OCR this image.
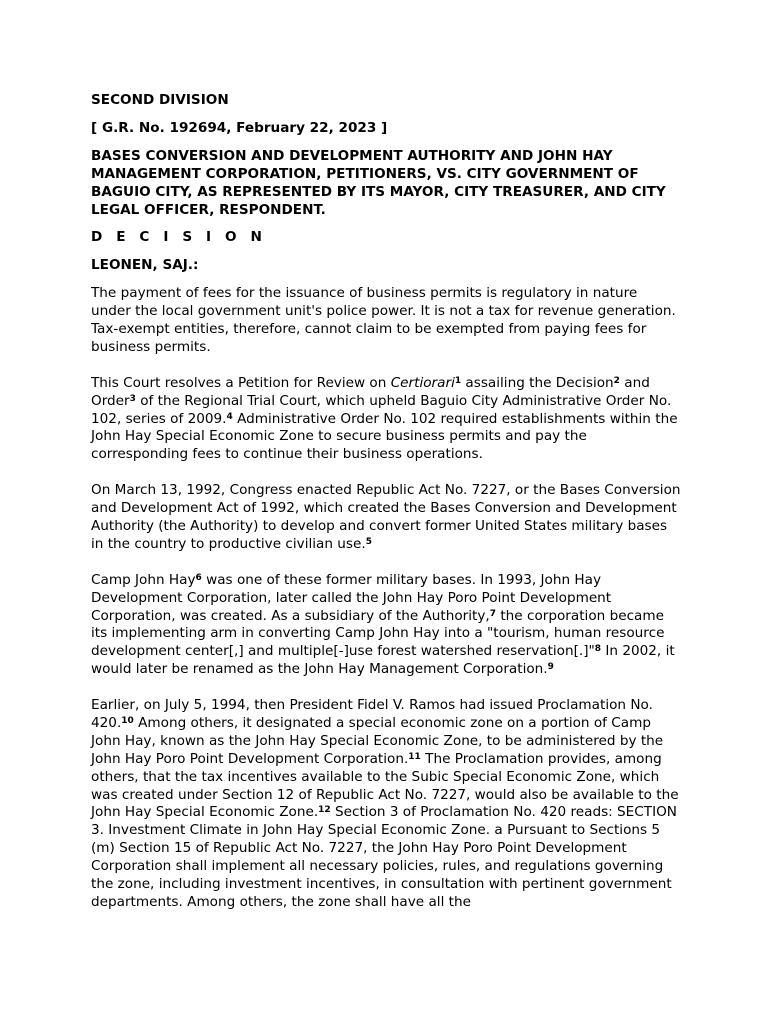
SECOND DIVISION
[ G.R. No. 192694, February 22, 2023 ]
BASES CONVERSION AND DEVELOPMENT AUTHORITY AND JOHN HAY MANAGEMENT CORPORATION, PETITIONERS, VS. CITY GOVERNMENT OF BAGUIO CITY, AS REPRESENTED BY ITS MAYOR, CITY TREASURER, AND CITY LEGAL OFFICER, RESPONDENT.
D E C I S I O N
LEONEN, SAJ.:

The payment of fees for the issuance of business permits is regulatory in nature under the local government unit's police power. It is not a tax for revenue generation. Tax-exempt entities, therefore, cannot claim to be exempted from paying fees for business permits.

This Court resolves a Petition for Review on Certiorari$^1$ assailing the Decision$^2$ and Order$^3$ of the Regional Trial Court, which upheld Baguio City Administrative Order No. 102, series of 2009.$^4$ Administrative Order No. 102 required establishments within the John Hay Special Economic Zone to secure business permits and pay the corresponding fees to continue their business operations.

On March 13, 1992, Congress enacted Republic Act No. 7227, or the Bases Conversion and Development Act of 1992, which created the Bases Conversion and Development Authority (the Authority) to develop and convert former United States military bases in the country to productive civilian use.$^5$

Camp John Hay$^6$ was one of these former military bases. In 1993, John Hay Development Corporation, later called the John Hay Poro Point Development Corporation, was created. As a subsidiary of the Authority,$^7$ the corporation became its implementing arm in converting Camp John Hay into a "tourism, human resource development center[,] and multiple[-]use forest watershed reservation[.]"$^8$ In 2002, it would later be renamed as the John Hay Management Corporation.$^9$

Earlier, on July 5, 1994, then President Fidel V. Ramos had issued Proclamation No. 420.10 Among others, it designated a special economic zone on a portion of Camp John Hay, known as the John Hay Special Economic Zone, to be administered by the John Hay Poro Point Development Corporation.$^{11}$ The Proclamation provides, among others, that the tax incentives available to the Subic Special Economic Zone, which was created under Section 12 of Republic Act No. 7227, would also be available to the John Hay Special Economic Zone.$^{12}$ Section 3 of Proclamation No. 420 reads: SECTION 3. Investment Climate in John Hay Special Economic Zone. a Pursuant to Sections 5 (m) Section 15 of Republic Act No. 7227, the John Hay Poro Point Development Corporation shall implement all necessary policies, rules, and regulations governing the zone, including investment incentives, in consultation with pertinent government departments. Among others, the zone shall have all the
